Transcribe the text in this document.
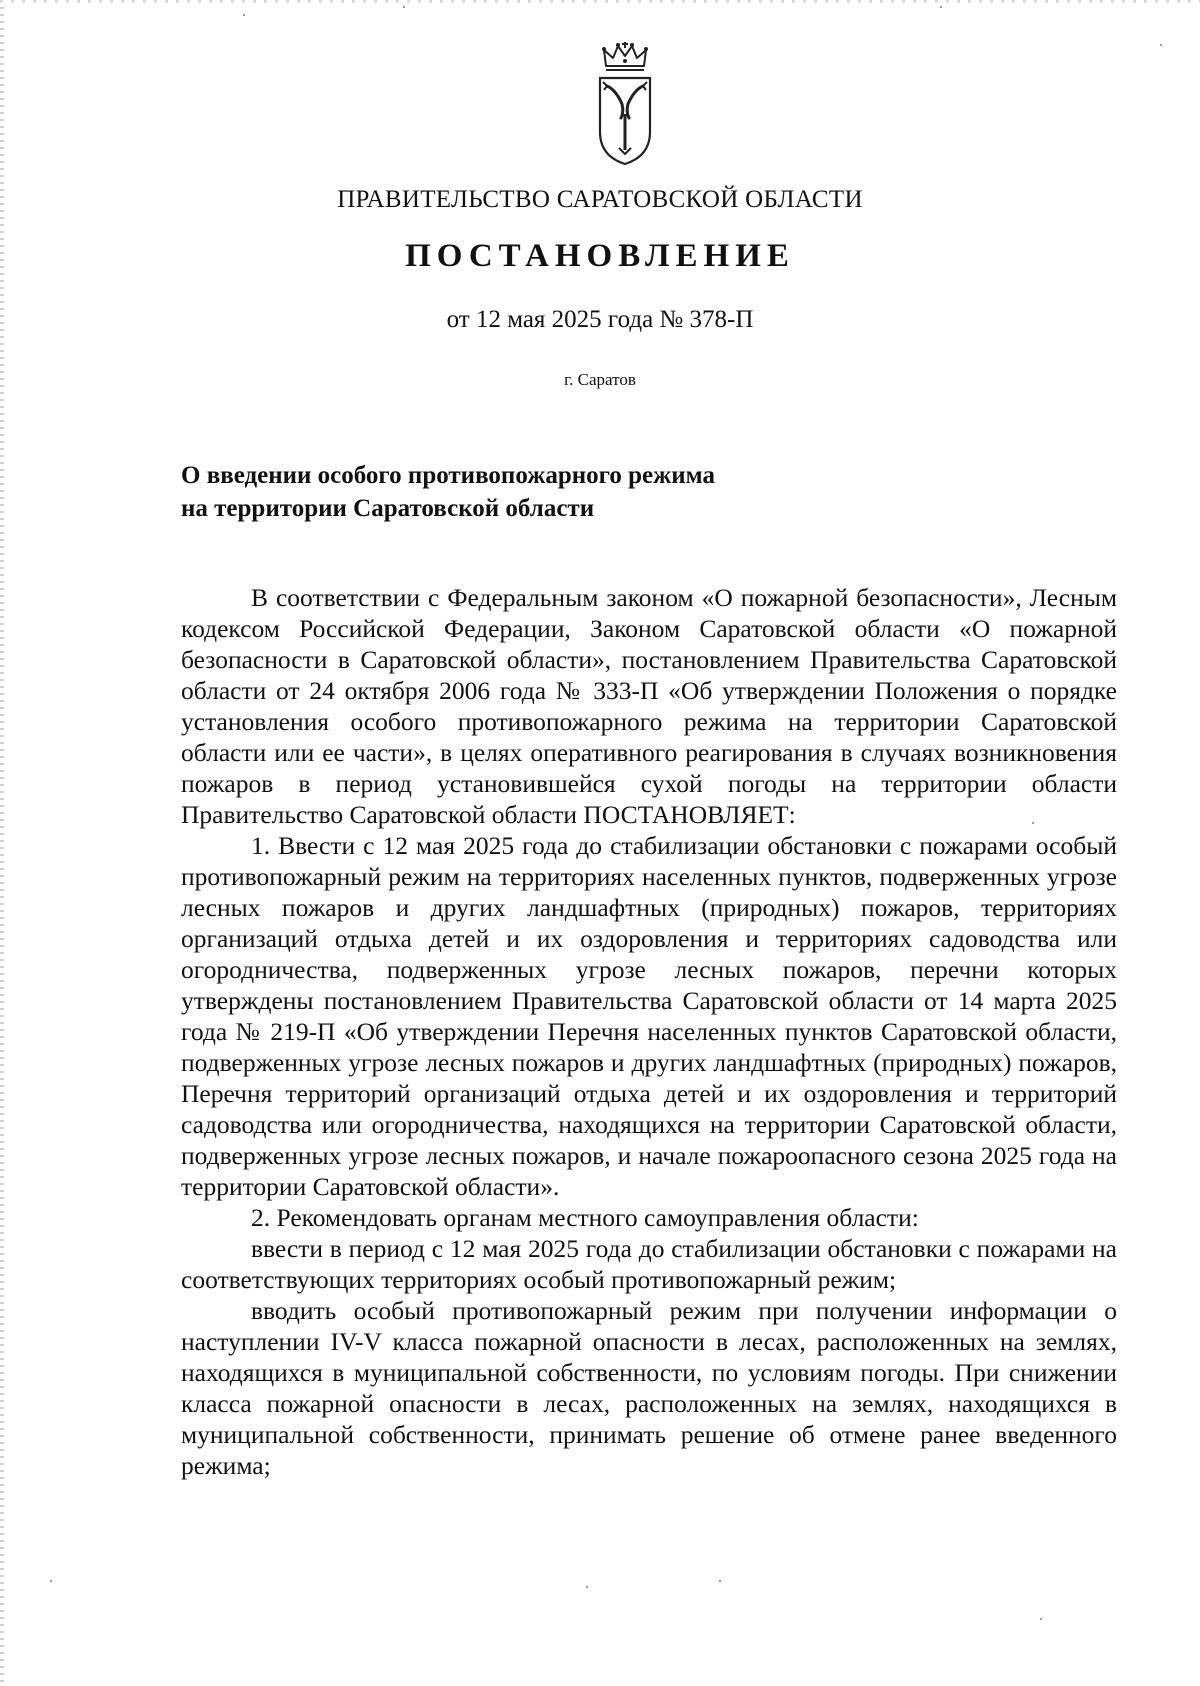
ПРАВИТЕЛЬСТВО САРАТОВСКОЙ ОБЛАСТИ
ПОСТАНОВЛЕНИЕ
от 12 мая 2025 года № 378-П
г. Саратов
О введении особого противопожарного режима
на территории Саратовской области

В соответствии с Федеральным законом «О пожарной безопасности», Лесным кодексом Российской Федерации, Законом Саратовской области «О пожарной безопасности в Саратовской области», постановлением Правительства Саратовской области от 24 октября 2006 года № 333-П «Об утверждении Положения о порядке установления особого противопожарного режима на территории Саратовской области или ее части», в целях оперативного реагирования в случаях возникновения пожаров в период установившейся сухой погоды на территории области Правительство Саратовской области ПОСТАНОВЛЯЕТ:

1. Ввести с 12 мая 2025 года до стабилизации обстановки с пожарами особый противопожарный режим на территориях населенных пунктов, подверженных угрозе лесных пожаров и других ландшафтных (природных) пожаров, территориях организаций отдыха детей и их оздоровления и территориях садоводства или огородничества, подверженных угрозе лесных пожаров, перечни которых утверждены постановлением Правительства Саратовской области от 14 марта 2025 года № 219-П «Об утверждении Перечня населенных пунктов Саратовской области, подверженных угрозе лесных пожаров и других ландшафтных (природных) пожаров, Перечня территорий организаций отдыха детей и их оздоровления и территорий садоводства или огородничества, находящихся на территории Саратовской области, подверженных угрозе лесных пожаров, и начале пожароопасного сезона 2025 года на территории Саратовской области».

2. Рекомендовать органам местного самоуправления области:

ввести в период с 12 мая 2025 года до стабилизации обстановки с пожарами на соответствующих территориях особый противопожарный режим;

вводить особый противопожарный режим при получении информации о наступлении IV-V класса пожарной опасности в лесах, расположенных на землях, находящихся в муниципальной собственности, по условиям погоды. При снижении класса пожарной опасности в лесах, расположенных на землях, находящихся в муниципальной собственности, принимать решение об отмене ранее введенного режима;
